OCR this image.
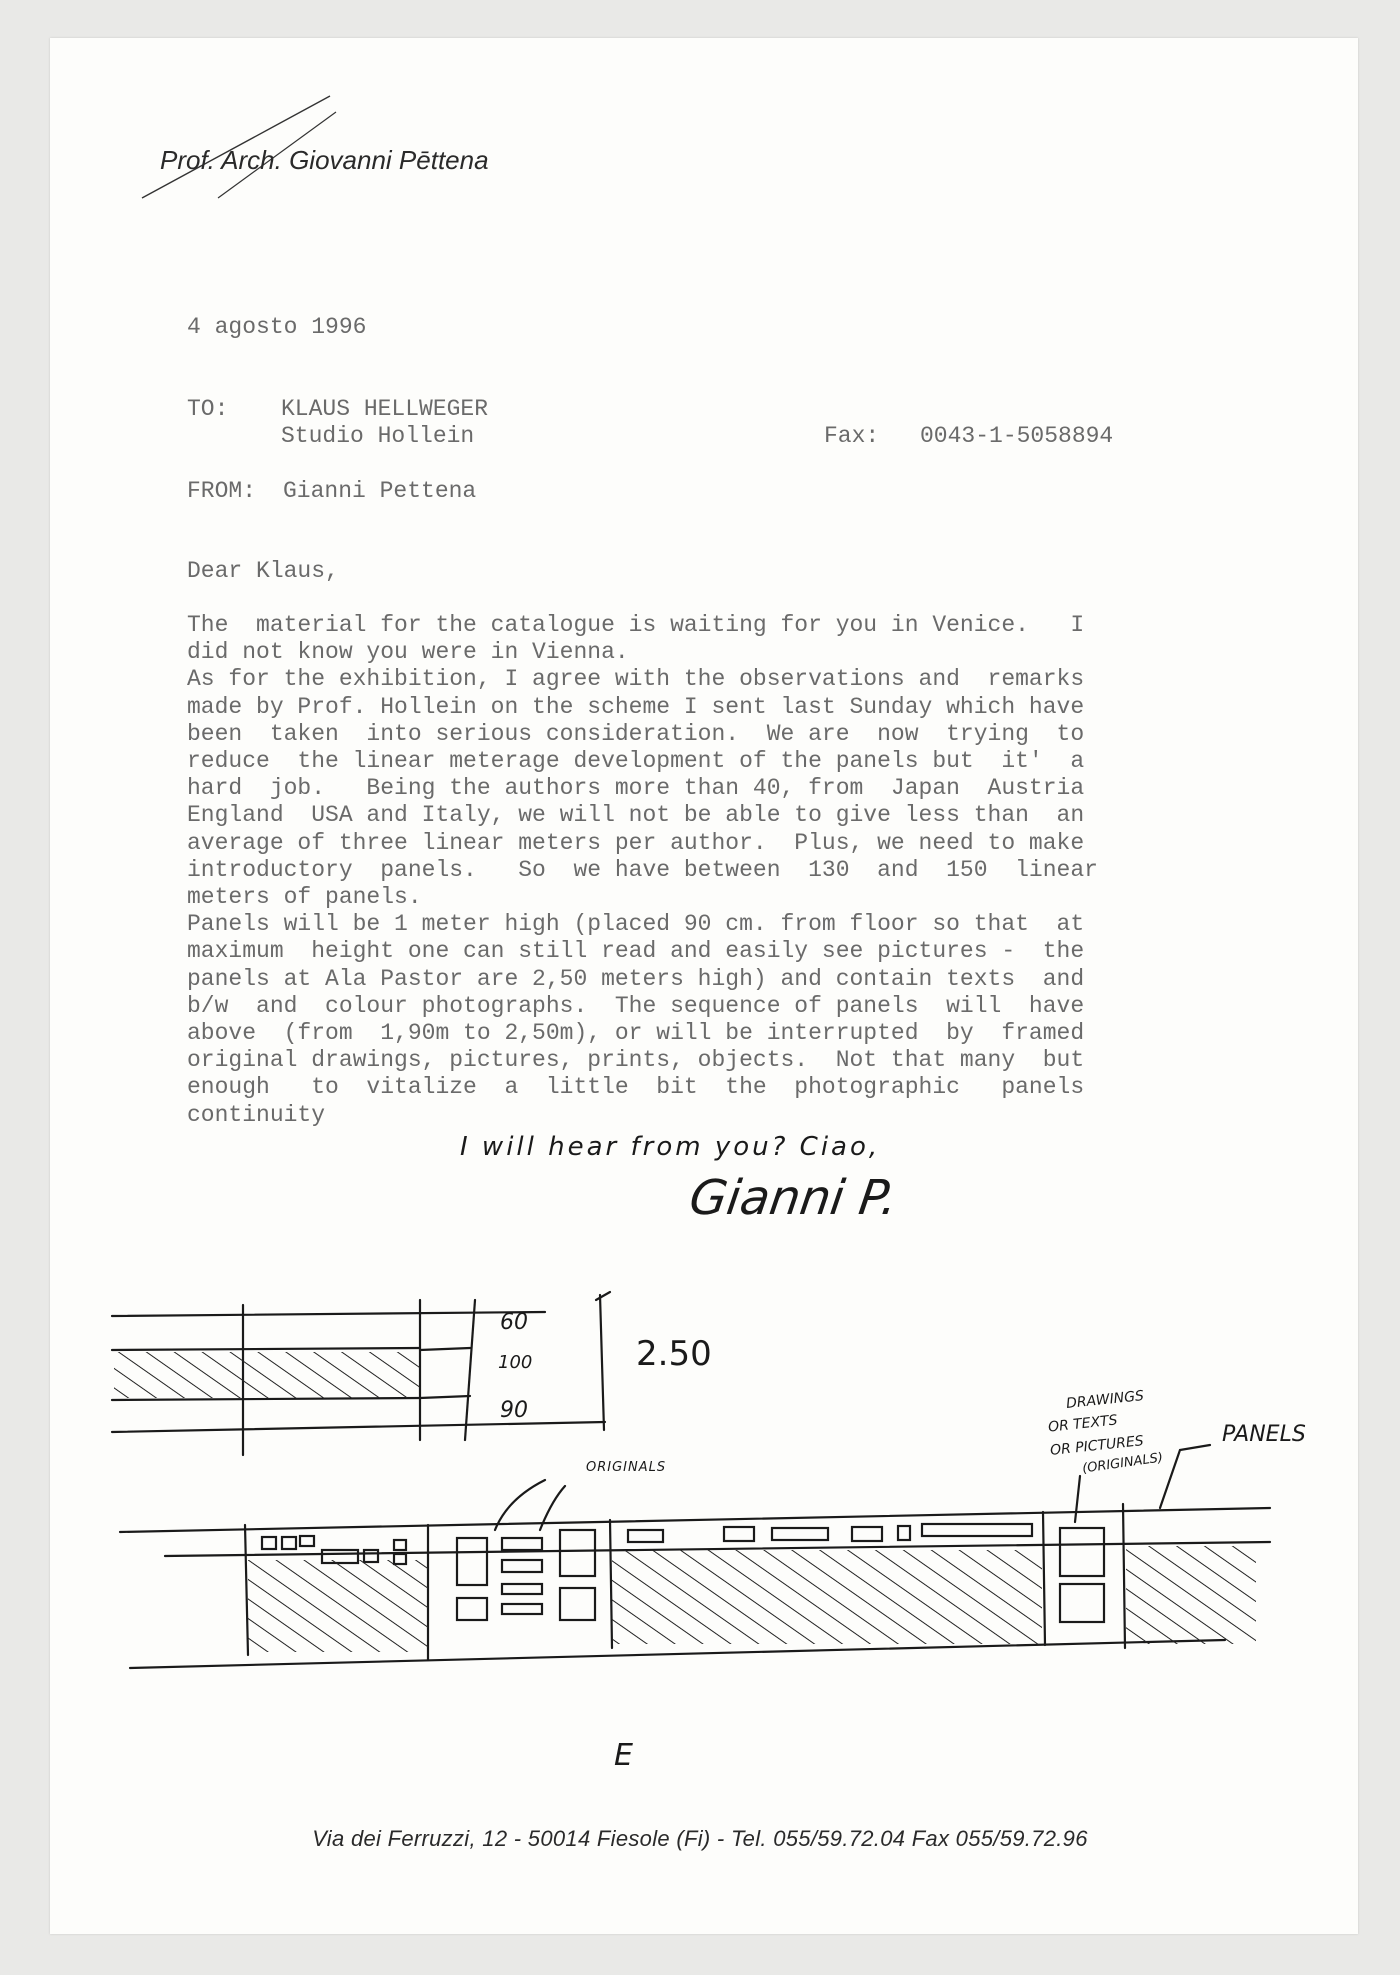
Prof. Arch. Giovanni Pēttena
4 agosto 1996
TO: KLAUS HELLWEGER
Studio Hollein	Fax: 0043-1-5058894
FROM: Gianni Pettena
Dear Klaus,
The  material for the catalogue is waiting for you in Venice.   I
did not know you were in Vienna.
As for the exhibition, I agree with the observations and  remarks
made by Prof. Hollein on the scheme I sent last Sunday which have
been  taken  into serious consideration.  We are  now  trying  to
reduce  the linear meterage development of the panels but  it'  a
hard  job.   Being the authors more than 40, from  Japan  Austria
England  USA and Italy, we will not be able to give less than  an
average of three linear meters per author.  Plus, we need to make
introductory  panels.   So  we have between  130  and  150  linear
meters of panels.
Panels will be 1 meter high (placed 90 cm. from floor so that  at
maximum  height one can still read and easily see pictures -  the
panels at Ala Pastor are 2,50 meters high) and contain texts  and
b/w  and  colour photographs.  The sequence of panels  will  have
above  (from  1,90m to 2,50m), or will be interrupted  by  framed
original drawings, pictures, prints, objects.  Not that many  but
enough   to  vitalize  a  little  bit  the  photographic   panels
continuity
I will hear from you? Ciao,
Gianni P.
60
100
90
2.50
ORIGINALS
DRAWINGS
OR TEXTS
OR PICTURES
(ORIGINALS)
PANELS
E
Via dei Ferruzzi, 12 - 50014 Fiesole (Fi) - Tel. 055/59.72.04 Fax 055/59.72.96
